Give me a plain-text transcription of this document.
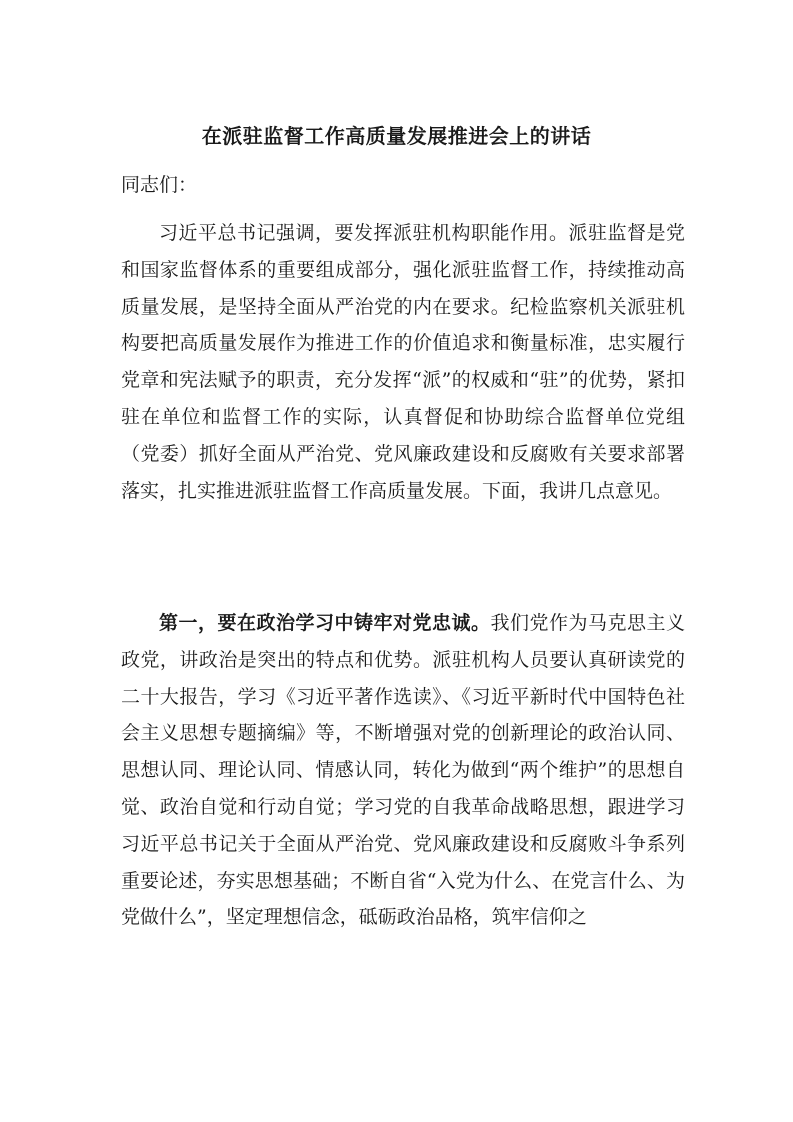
在派驻监督工作高质量发展推进会上的讲话
同志们：

习近平总书记强调，要发挥派驻机构职能作用。派驻监督是党和国家监督体系的重要组成部分，强化派驻监督工作，持续推动高质量发展，是坚持全面从严治党的内在要求。纪检监察机关派驻机构要把高质量发展作为推进工作的价值追求和衡量标准，忠实履行党章和宪法赋予的职责，充分发挥“派”的权威和“驻”的优势，紧扣驻在单位和监督工作的实际，认真督促和协助综合监督单位党组（党委）抓好全面从严治党、党风廉政建设和反腐败有关要求部署落实，扎实推进派驻监督工作高质量发展。下面，我讲几点意见。

第一，要在政治学习中铸牢对党忠诚。我们党作为马克思主义政党，讲政治是突出的特点和优势。派驻机构人员要认真研读党的二十大报告，学习《习近平著作选读》、《习近平新时代中国特色社会主义思想专题摘编》等，不断增强对党的创新理论的政治认同、思想认同、理论认同、情感认同，转化为做到“两个维护”的思想自觉、政治自觉和行动自觉；学习党的自我革命战略思想，跟进学习习近平总书记关于全面从严治党、党风廉政建设和反腐败斗争系列重要论述，夯实思想基础；不断自省“入党为什么、在党言什么、为党做什么”，坚定理想信念，砥砺政治品格，筑牢信仰之
